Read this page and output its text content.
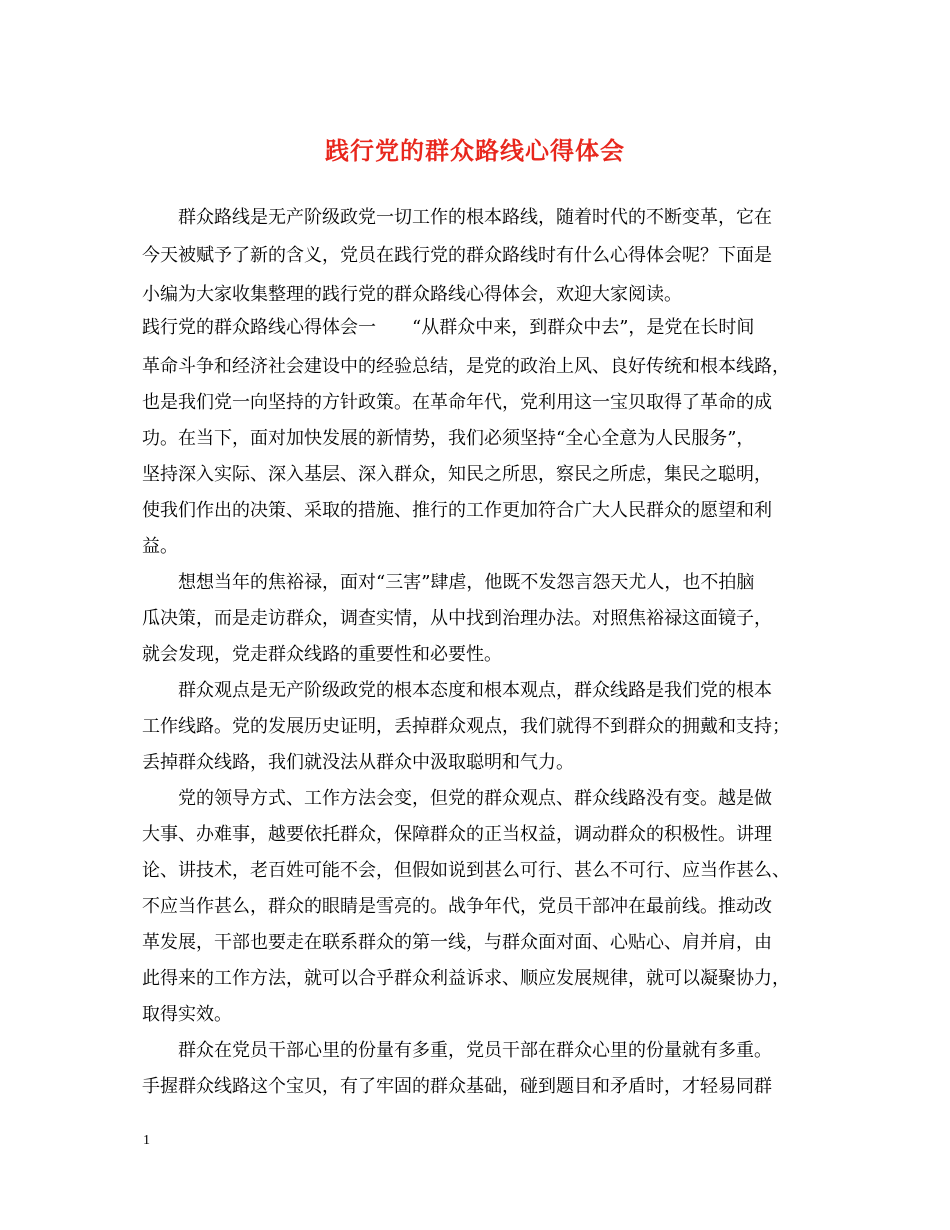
践行党的群众路线心得体会
群众路线是无产阶级政党一切工作的根本路线，随着时代的不断变革，它在
今天被赋予了新的含义，党员在践行党的群众路线时有什么心得体会呢？下面是
小编为大家收集整理的践行党的群众路线心得体会，欢迎大家阅读。
践行党的群众路线心得体会一　　“从群众中来，到群众中去”，是党在长时间
革命斗争和经济社会建设中的经验总结，是党的政治上风、良好传统和根本线路，
也是我们党一向坚持的方针政策。在革命年代，党利用这一宝贝取得了革命的成
功。在当下，面对加快发展的新情势，我们必须坚持“全心全意为人民服务”，
坚持深入实际、深入基层、深入群众，知民之所思，察民之所虑，集民之聪明，
使我们作出的决策、采取的措施、推行的工作更加符合广大人民群众的愿望和利
益。
想想当年的焦裕禄，面对“三害”肆虐，他既不发怨言怨天尤人，也不拍脑
瓜决策，而是走访群众，调查实情，从中找到治理办法。对照焦裕禄这面镜子，
就会发现，党走群众线路的重要性和必要性。
群众观点是无产阶级政党的根本态度和根本观点，群众线路是我们党的根本
工作线路。党的发展历史证明，丢掉群众观点，我们就得不到群众的拥戴和支持；
丢掉群众线路，我们就没法从群众中汲取聪明和气力。
党的领导方式、工作方法会变，但党的群众观点、群众线路没有变。越是做
大事、办难事，越要依托群众，保障群众的正当权益，调动群众的积极性。讲理
论、讲技术，老百姓可能不会，但假如说到甚么可行、甚么不可行、应当作甚么、
不应当作甚么，群众的眼睛是雪亮的。战争年代，党员干部冲在最前线。推动改
革发展，干部也要走在联系群众的第一线，与群众面对面、心贴心、肩并肩，由
此得来的工作方法，就可以合乎群众利益诉求、顺应发展规律，就可以凝聚协力，
取得实效。
群众在党员干部心里的份量有多重，党员干部在群众心里的份量就有多重。
手握群众线路这个宝贝，有了牢固的群众基础，碰到题目和矛盾时，才轻易同群
1
